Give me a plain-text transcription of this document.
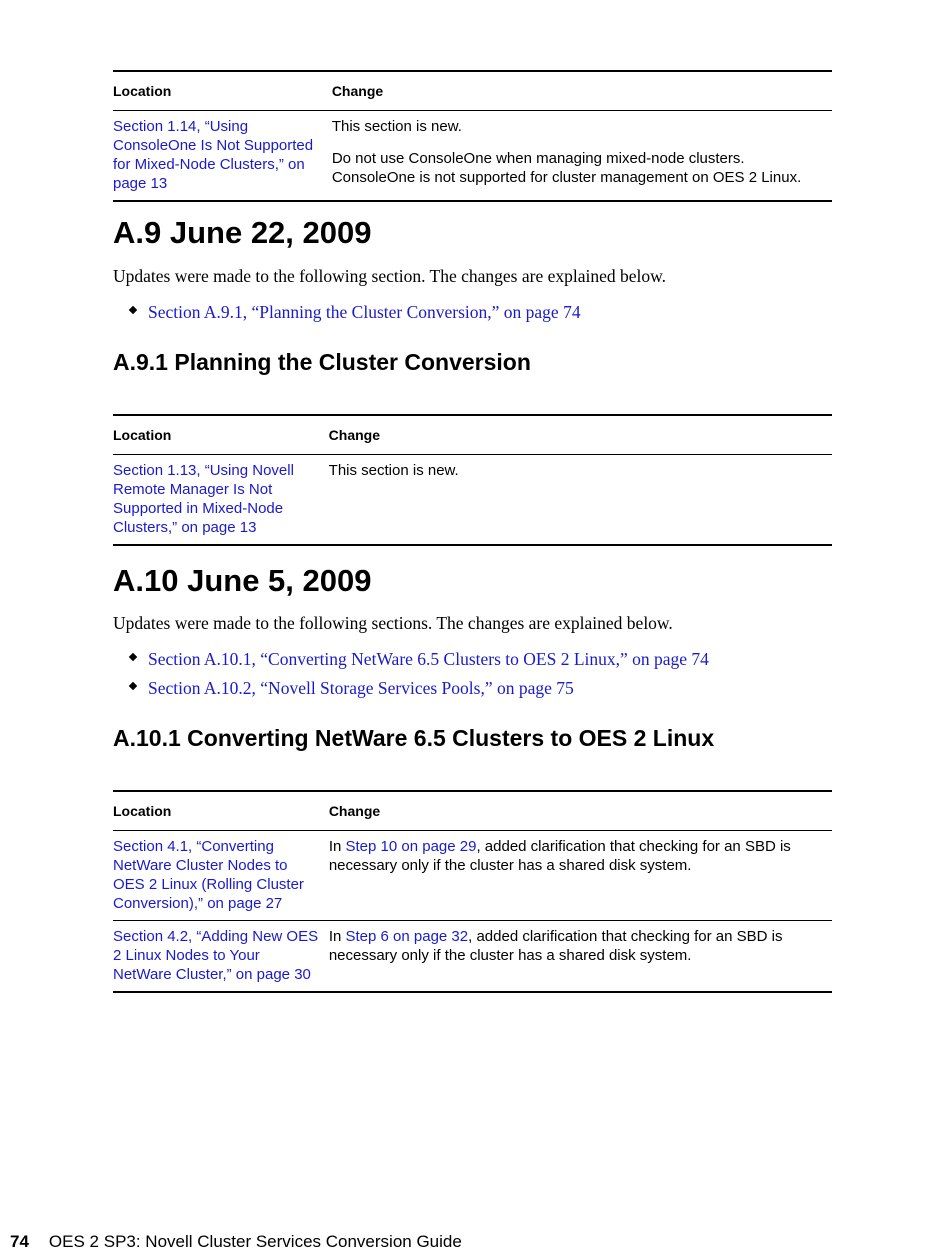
Location	Change
Section 1.14, “Using ConsoleOne Is Not Supported for Mixed-Node Clusters,” on page 13	This section is new.

Do not use ConsoleOne when managing mixed-node clusters. ConsoleOne is not supported for cluster management on OES 2 Linux.

A.9 June 22, 2009

Updates were made to the following section. The changes are explained below.

Section A.9.1, “Planning the Cluster Conversion,” on page 74
A.9.1 Planning the Cluster Conversion
Location	Change
Section 1.13, “Using Novell Remote Manager Is Not Supported in Mixed-Node Clusters,” on page 13	This section is new.

A.10 June 5, 2009

Updates were made to the following sections. The changes are explained below.

Section A.10.1, “Converting NetWare 6.5 Clusters to OES 2 Linux,” on page 74
Section A.10.2, “Novell Storage Services Pools,” on page 75
A.10.1 Converting NetWare 6.5 Clusters to OES 2 Linux
Location	Change
Section 4.1, “Converting NetWare Cluster Nodes to OES 2 Linux (Rolling Cluster Conversion),” on page 27	In Step 10 on page 29, added clarification that checking for an SBD is necessary only if the cluster has a shared disk system.

Section 4.2, “Adding New OES 2 Linux Nodes to Your NetWare Cluster,” on page 30	In Step 6 on page 32, added clarification that checking for an SBD is necessary only if the cluster has a shared disk system.

74 OES 2 SP3: Novell Cluster Services Conversion Guide
